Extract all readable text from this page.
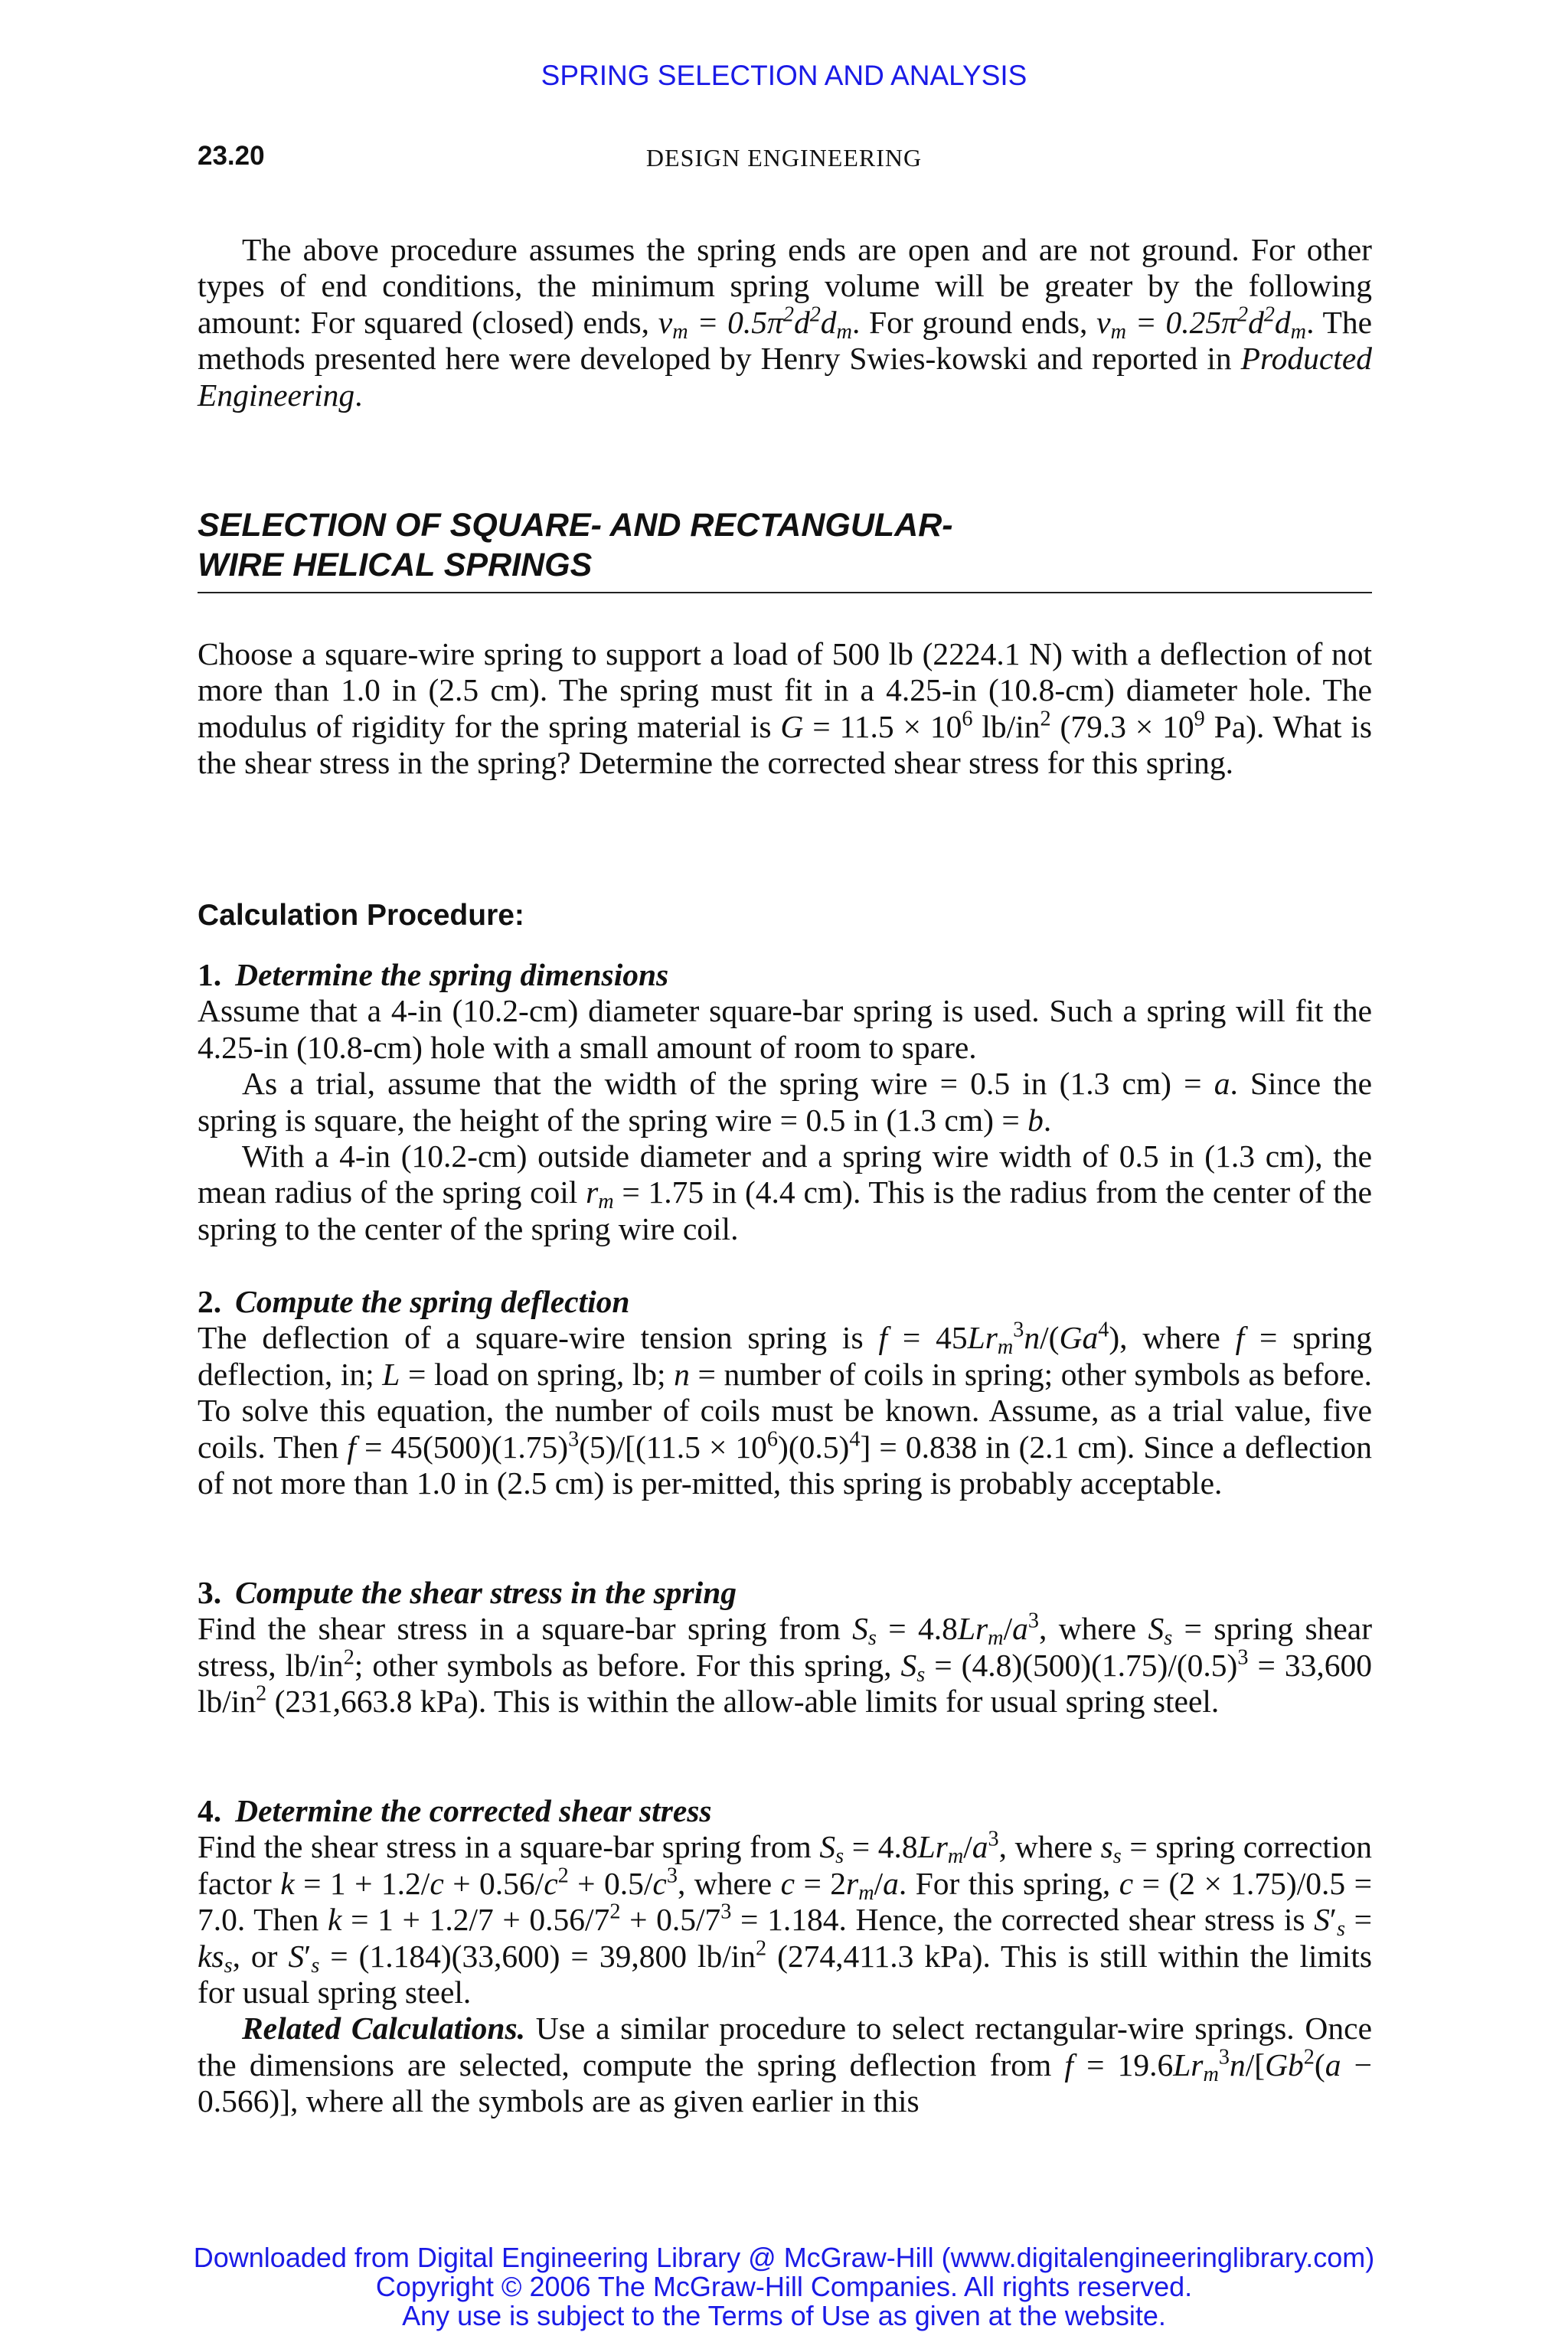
SPRING SELECTION AND ANALYSIS
23.20	DESIGN ENGINEERING

The above procedure assumes the spring ends are open and are not ground. For other types of end conditions, the minimum spring volume will be greater by the following amount: For squared (closed) ends, $v_m = 0.5\pi^2d^2d_m$. For ground ends, $v_m = 0.25\pi^2d^2d_m$. The methods presented here were developed by Henry Swies-kowski and reported in Producted Engineering.

SELECTION OF SQUARE- AND RECTANGULAR-
WIRE HELICAL SPRINGS

Choose a square-wire spring to support a load of 500 lb (2224.1 N) with a deflection of not more than 1.0 in (2.5 cm). The spring must fit in a 4.25-in (10.8-cm) diameter hole. The modulus of rigidity for the spring material is $G = 11.5 \times 10^6$ $lb/in^2$ ($79.3 \times 10^9$ Pa). What is the shear stress in the spring? Determine the corrected shear stress for this spring.

Calculation Procedure:

1. Determine the spring dimensions

Assume that a 4-in (10.2-cm) diameter square-bar spring is used. Such a spring will fit the 4.25-in (10.8-cm) hole with a small amount of room to spare.

As a trial, assume that the width of the spring wire = 0.5 in (1.3 cm) = a. Since the spring is square, the height of the spring wire = 0.5 in (1.3 cm) = b.

With a 4-in (10.2-cm) outside diameter and a spring wire width of 0.5 in (1.3 cm), the mean radius of the spring coil $r_m = 1.75$ in (4.4 cm). This is the radius from the center of the spring to the center of the spring wire coil.

2. Compute the spring deflection

The deflection of a square-wire tension spring is $f = 45Lr_m^3n/(Ga^4)$, where f = spring deflection, in; L = load on spring, lb; n = number of coils in spring; other symbols as before. To solve this equation, the number of coils must be known. Assume, as a trial value, five coils. Then $f = 45(500)(1.75)^3(5)/[(11.5 \times 10^6)(0.5)^4] = 0.838$ in (2.1 cm). Since a deflection of not more than 1.0 in (2.5 cm) is per-mitted, this spring is probably acceptable.

3. Compute the shear stress in the spring

Find the shear stress in a square-bar spring from $S_s = 4.8Lr_m/a^3$, where $S_s$ = spring shear stress, $lb/in^2$; other symbols as before. For this spring, $S_s = (4.8)(500)(1.75)/(0.5)^3 = 33,600$ $lb/in^2$ (231,663.8 kPa). This is within the allow-able limits for usual spring steel.

4. Determine the corrected shear stress

Find the shear stress in a square-bar spring from $S_s = 4.8Lr_m/a^3$, where $s_s$ = spring correction factor $k = 1 + 1.2/c + 0.56/c^2 + 0.5/c^3$, where $c = 2r_m/a$. For this spring, c = (2 × 1.75)/0.5 = 7.0. Then $k = 1 + 1.2/7 + 0.56/7^2 + 0.5/7^3 = 1.184$. Hence, the corrected shear stress is $S'_s = ks_s$, or $S'_s = (1.184)(33,600) = 39,800$ $lb/in^2$ (274,411.3 kPa). This is still within the limits for usual spring steel.

Related Calculations. Use a similar procedure to select rectangular-wire springs. Once the dimensions are selected, compute the spring deflection from $f = 19.6Lr_m^3n/[Gb^2(a - 0.566)]$, where all the symbols are as given earlier in this

Downloaded from Digital Engineering Library @ McGraw-Hill (www.digitalengineeringlibrary.com)
Copyright © 2006 The McGraw-Hill Companies. All rights reserved.
Any use is subject to the Terms of Use as given at the website.
